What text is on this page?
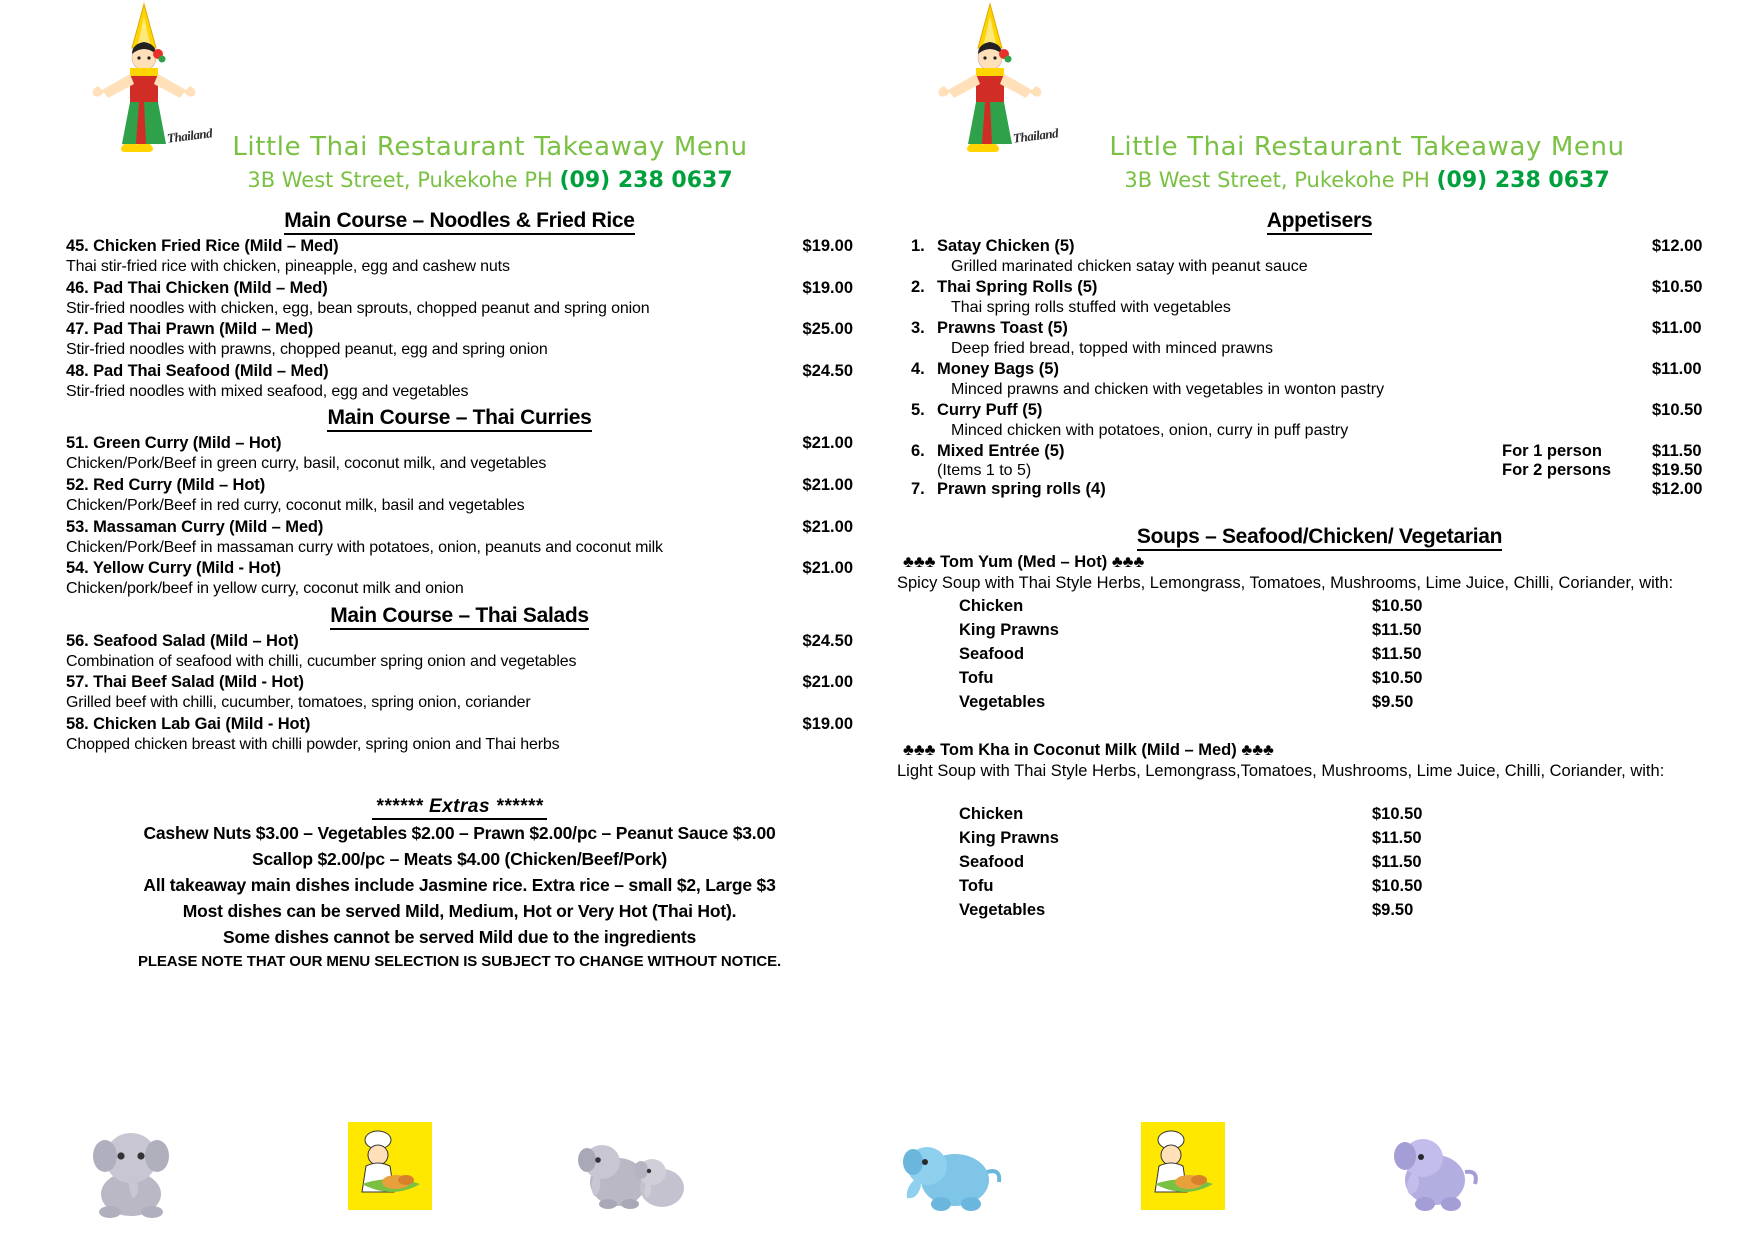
Thailand Little Thai Restaurant Takeaway Menu
3B West Street, Pukekohe PH (09) 238 0637
Main Course – Noodles & Fried Rice
45. Chicken Fried Rice (Mild – Med)	$19.00
Thai stir-fried rice with chicken, pineapple, egg and cashew nuts
46. Pad Thai Chicken (Mild – Med)	$19.00
Stir-fried noodles with chicken, egg, bean sprouts, chopped peanut and spring onion
47. Pad Thai Prawn (Mild – Med)	$25.00
Stir-fried noodles with prawns, chopped peanut, egg and spring onion
48. Pad Thai Seafood (Mild – Med)	$24.50
Stir-fried noodles with mixed seafood, egg and vegetables
Main Course – Thai Curries
51. Green Curry (Mild – Hot)	$21.00
Chicken/Pork/Beef in green curry, basil, coconut milk, and vegetables
52. Red Curry (Mild – Hot)	$21.00
Chicken/Pork/Beef in red curry, coconut milk, basil and vegetables
53. Massaman Curry (Mild – Med)	$21.00
Chicken/Pork/Beef in massaman curry with potatoes, onion, peanuts and coconut milk
54. Yellow Curry (Mild - Hot)	$21.00
Chicken/pork/beef in yellow curry, coconut milk and onion
Main Course – Thai Salads
56. Seafood Salad (Mild – Hot)	$24.50
Combination of seafood with chilli, cucumber spring onion and vegetables
57. Thai Beef Salad (Mild - Hot)	$21.00
Grilled beef with chilli, cucumber, tomatoes, spring onion, coriander
58. Chicken Lab Gai (Mild - Hot)	$19.00
Chopped chicken breast with chilli powder, spring onion and Thai herbs
****** Extras ******
Cashew Nuts $3.00 – Vegetables $2.00 – Prawn $2.00/pc – Peanut Sauce $3.00
Scallop $2.00/pc – Meats $4.00 (Chicken/Beef/Pork)
All takeaway main dishes include Jasmine rice. Extra rice – small $2, Large $3
Most dishes can be served Mild, Medium, Hot or Very Hot (Thai Hot).
Some dishes cannot be served Mild due to the ingredients
PLEASE NOTE THAT OUR MENU SELECTION IS SUBJECT TO CHANGE WITHOUT NOTICE.
Thailand	Little Thai Restaurant Takeaway Menu
3B West Street, Pukekohe PH (09) 238 0637
Appetisers
1. Satay Chicken (5)	$12.00
Grilled marinated chicken satay with peanut sauce
2. Thai Spring Rolls (5)	$10.50
Thai spring rolls stuffed with vegetables
3. Prawns Toast (5)	$11.00
Deep fried bread, topped with minced prawns
4. Money Bags (5)	$11.00
Minced prawns and chicken with vegetables in wonton pastry
5. Curry Puff (5)	$10.50
Minced chicken with potatoes, onion, curry in puff pastry
6. Mixed Entrée (5)	For 1 person	$11.50
(Items 1 to 5)	For 2 persons	$19.50
7. Prawn spring rolls (4)	$12.00
Soups – Seafood/Chicken/ Vegetarian
♣♣♣ Tom Yum (Med – Hot) ♣♣♣
Spicy Soup with Thai Style Herbs, Lemongrass, Tomatoes, Mushrooms, Lime Juice, Chilli, Coriander, with:
Chicken	$10.50
King Prawns	$11.50
Seafood	$11.50
Tofu	$10.50
Vegetables	$9.50
♣♣♣ Tom Kha in Coconut Milk (Mild – Med) ♣♣♣
Light Soup with Thai Style Herbs, Lemongrass,Tomatoes, Mushrooms, Lime Juice, Chilli, Coriander, with:
Chicken	$10.50
King Prawns	$11.50
Seafood	$11.50
Tofu	$10.50
Vegetables	$9.50
